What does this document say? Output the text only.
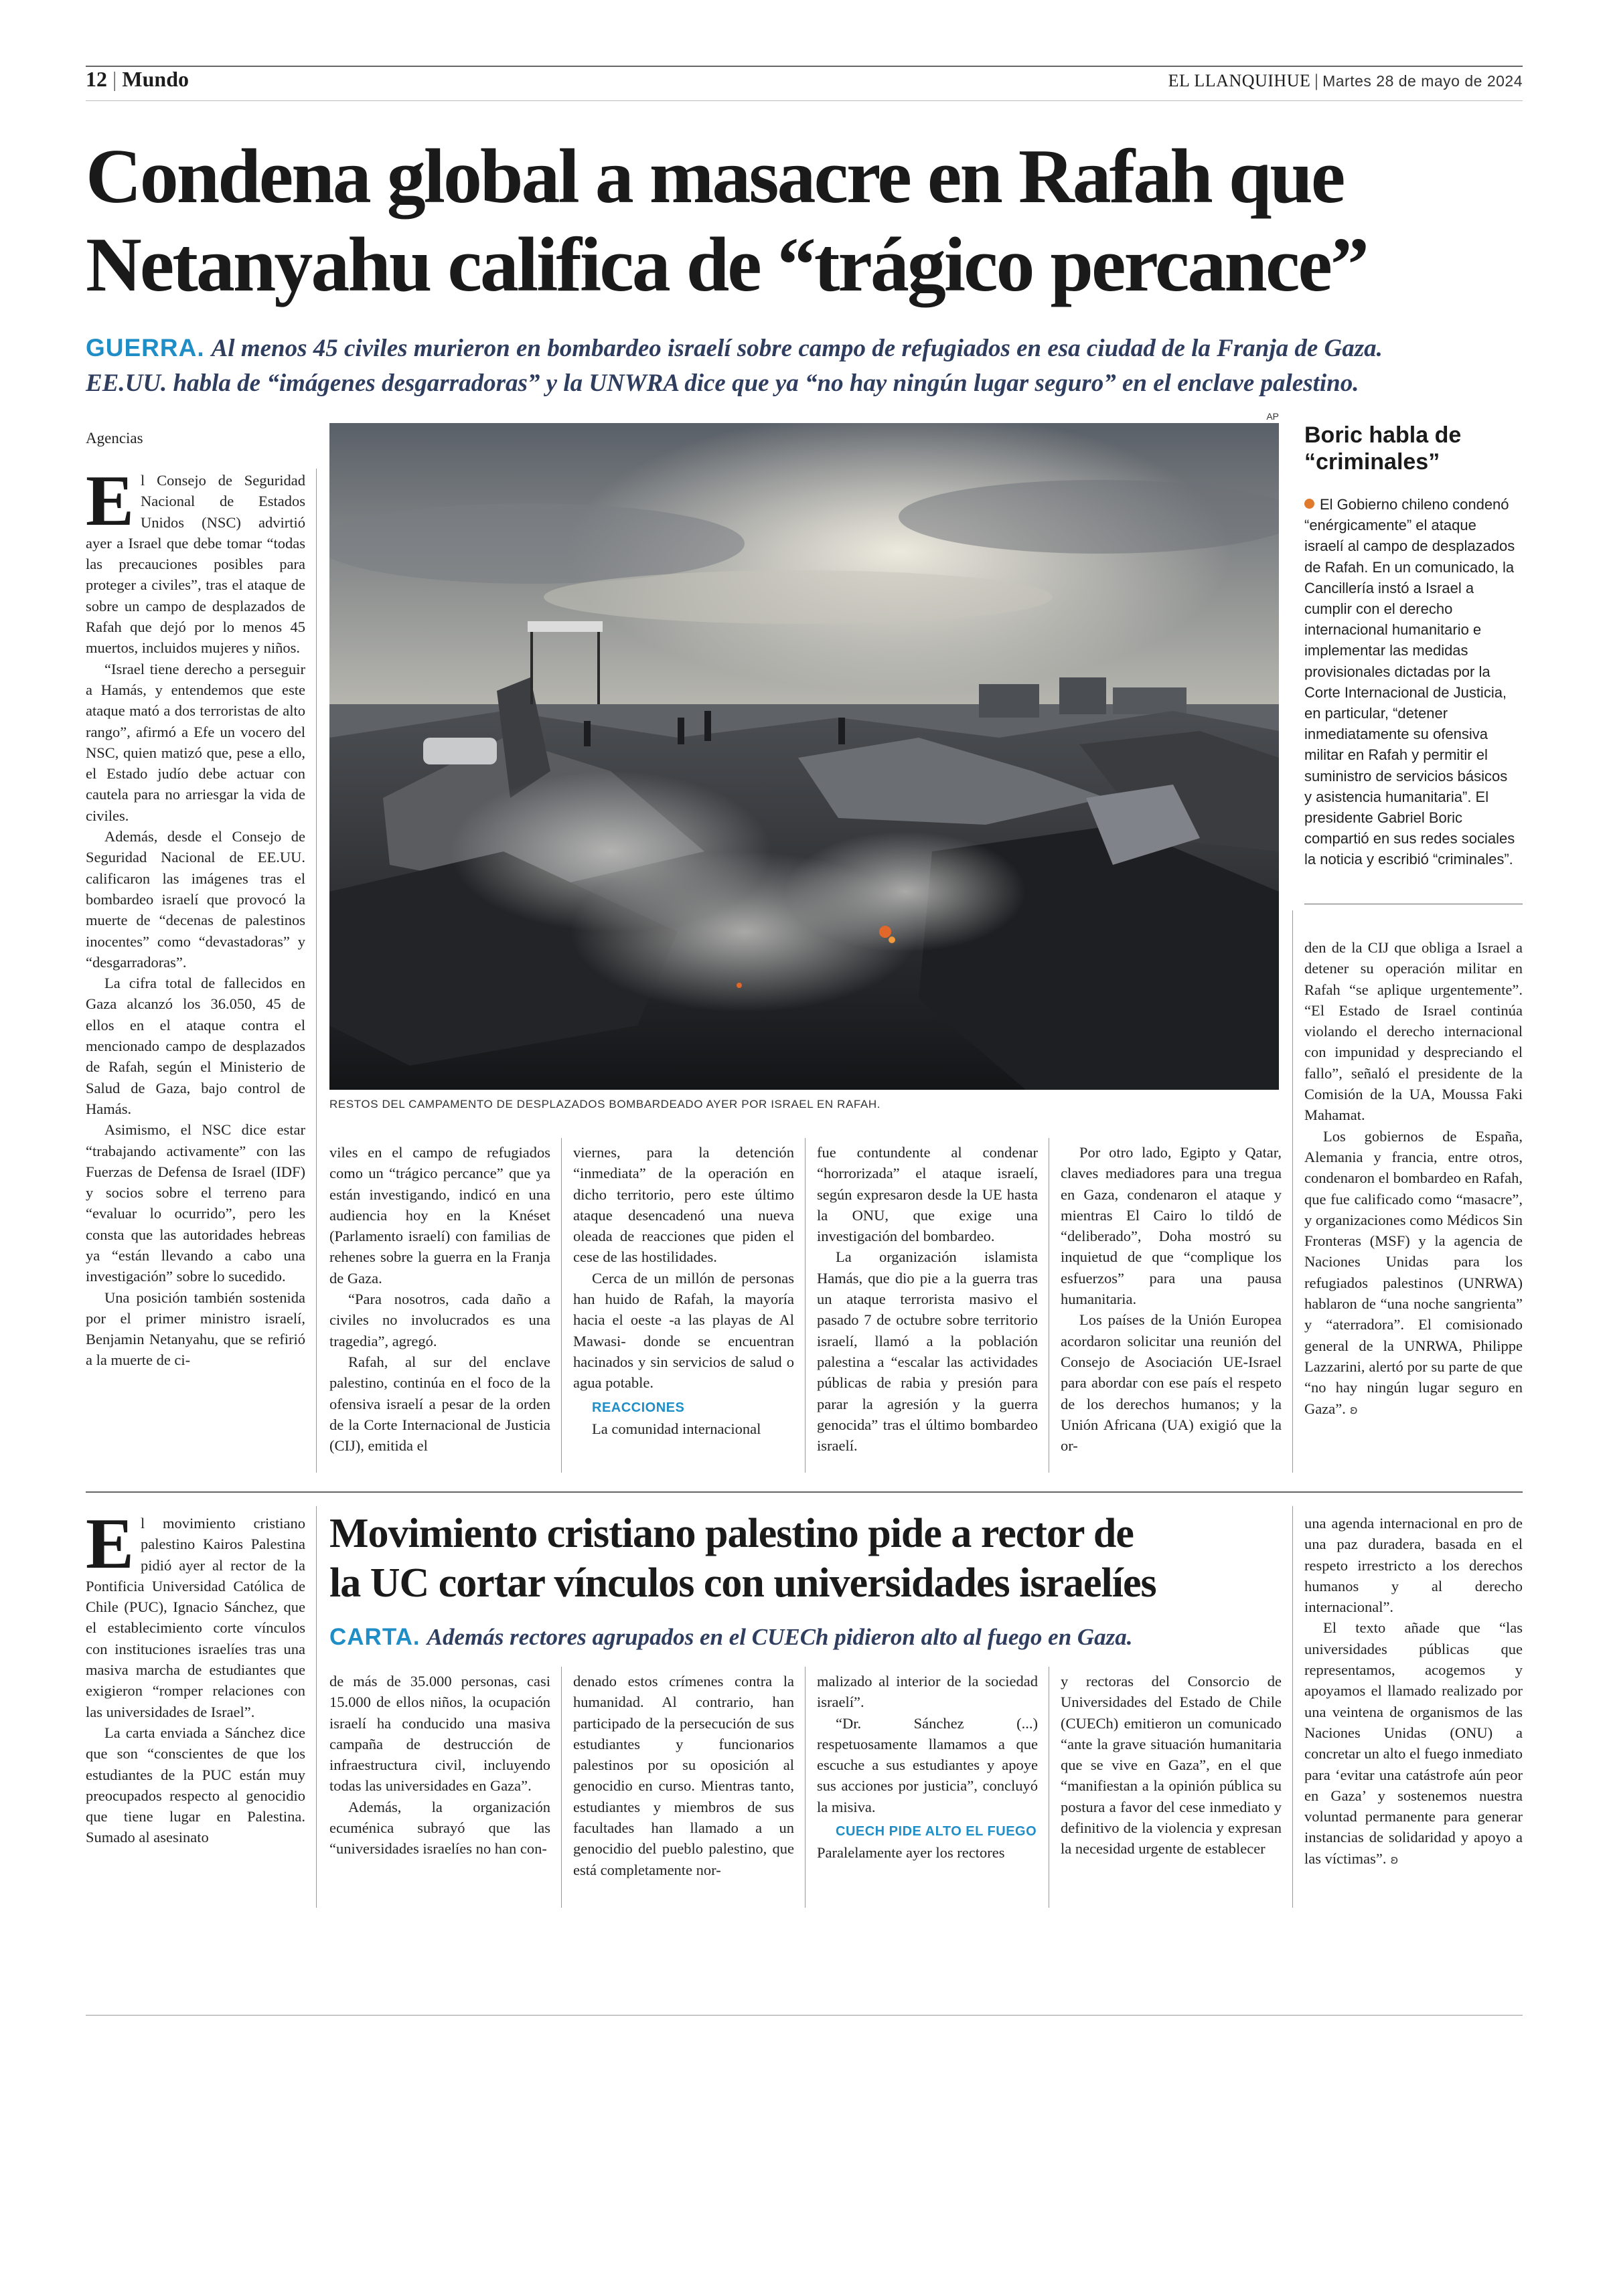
12 | Mundo	EL LLANQUIHUE | Martes 28 de mayo de 2024
Condena global a masacre en Rafah que
Netanyahu califica de “trágico percance”
GUERRA. Al menos 45 civiles murieron en bombardeo israelí sobre campo de refugiados en esa ciudad de la Franja de Gaza.
EE.UU. habla de “imágenes desgarradoras” y la UNWRA dice que ya “no hay ningún lugar seguro” en el enclave palestino.
Agencias

El Consejo de Seguridad Nacional de Estados Unidos (NSC) advirtió ayer a Israel que debe tomar “todas las precauciones posibles para proteger a civiles”, tras el ataque de sobre un campo de desplazados de Rafah que dejó por lo menos 45 muertos, incluidos mujeres y niños.

“Israel tiene derecho a perseguir a Hamás, y entendemos que este ataque mató a dos terroristas de alto rango”, afirmó a Efe un vocero del NSC, quien matizó que, pese a ello, el Estado judío debe actuar con cautela para no arriesgar la vida de civiles.

Además, desde el Consejo de Seguridad Nacional de EE.UU. calificaron las imágenes tras el bombardeo israelí que provocó la muerte de “decenas de palestinos inocentes” como “devastadoras” y “desgarradoras”.

La cifra total de fallecidos en Gaza alcanzó los 36.050, 45 de ellos en el ataque contra el mencionado campo de desplazados de Rafah, según el Ministerio de Salud de Gaza, bajo control de Hamás.

Asimismo, el NSC dice estar “trabajando activamente” con las Fuerzas de Defensa de Israel (IDF) y socios sobre el terreno para “evaluar lo ocurrido”, pero les consta que las autoridades hebreas ya “están llevando a cabo una investigación” sobre lo sucedido.

Una posición también sostenida por el primer ministro israelí, Benjamin Netanyahu, que se refirió a la muerte de ci-

AP
RESTOS DEL CAMPAMENTO DE DESPLAZADOS BOMBARDEADO AYER POR ISRAEL EN RAFAH.
Boric habla de
“criminales”
El Gobierno chileno condenó “enérgicamente” el ataque israelí al campo de desplazados de Rafah. En un comunicado, la Cancillería instó a Israel a cumplir con el derecho internacional humanitario e implementar las medidas provisionales dictadas por la Corte Internacional de Justicia, en particular, “detener inmediatamente su ofensiva militar en Rafah y permitir el suministro de servicios básicos y asistencia humanitaria”. El presidente Gabriel Boric compartió en sus redes sociales la noticia y escribió “criminales”.

viles en el campo de refugiados como un “trágico percance” que ya están investigando, indicó en una audiencia hoy en la Knéset (Parlamento israelí) con familias de rehenes sobre la guerra en la Franja de Gaza.

“Para nosotros, cada daño a civiles no involucrados es una tragedia”, agregó.

Rafah, al sur del enclave palestino, continúa en el foco de la ofensiva israelí a pesar de la orden de la Corte Internacional de Justicia (CIJ), emitida el

viernes, para la detención “inmediata” de la operación en dicho territorio, pero este último ataque desencadenó una nueva oleada de reacciones que piden el cese de las hostilidades.

Cerca de un millón de personas han huido de Rafah, la mayoría hacia el oeste -a las playas de Al Mawasi- donde se encuentran hacinados y sin servicios de salud o agua potable.

REACCIONES

La comunidad internacional

fue contundente al condenar “horrorizada” el ataque israelí, según expresaron desde la UE hasta la ONU, que exige una investigación del bombardeo.

La organización islamista Hamás, que dio pie a la guerra tras un ataque terrorista masivo el pasado 7 de octubre sobre territorio israelí, llamó a la población palestina a “escalar las actividades públicas de rabia y presión para parar la agresión y la guerra genocida” tras el último bombardeo israelí.

Por otro lado, Egipto y Qatar, claves mediadores para una tregua en Gaza, condenaron el ataque y mientras El Cairo lo tildó de “deliberado”, Doha mostró su inquietud de que “complique los esfuerzos” para una pausa humanitaria.

Los países de la Unión Europea acordaron solicitar una reunión del Consejo de Asociación UE-Israel para abordar con ese país el respeto de los derechos humanos; y la Unión Africana (UA) exigió que la or-

den de la CIJ que obliga a Israel a detener su operación militar en Rafah “se aplique urgentemente”. “El Estado de Israel continúa violando el derecho internacional con impunidad y despreciando el fallo”, señaló el presidente de la Comisión de la UA, Moussa Faki Mahamat.

Los gobiernos de España, Alemania y francia, entre otros, condenaron el bombardeo en Rafah, que fue calificado como “masacre”, y organizaciones como Médicos Sin Fronteras (MSF) y la agencia de Naciones Unidas para los refugiados palestinos (UNRWA) hablaron de “una noche sangrienta” y “aterradora”. El comisionado general de la UNRWA, Philippe Lazzarini, alertó por su parte de que “no hay ningún lugar seguro en Gaza”. ʚ

El movimiento cristiano palestino Kairos Palestina pidió ayer al rector de la Pontificia Universidad Católica de Chile (PUC), Ignacio Sánchez, que el establecimiento corte vínculos con instituciones israelíes tras una masiva marcha de estudiantes que exigieron “romper relaciones con las universidades de Israel”.

La carta enviada a Sánchez dice que son “conscientes de que los estudiantes de la PUC están muy preocupados respecto al genocidio que tiene lugar en Palestina. Sumado al asesinato

Movimiento cristiano palestino pide a rector de
la UC cortar vínculos con universidades israelíes
CARTA. Además rectores agrupados en el CUECh pidieron alto al fuego en Gaza.

de más de 35.000 personas, casi 15.000 de ellos niños, la ocupación israelí ha conducido una masiva campaña de destrucción de infraestructura civil, incluyendo todas las universidades en Gaza”.

Además, la organización ecuménica subrayó que las “universidades israelíes no han con-

denado estos crímenes contra la humanidad. Al contrario, han participado de la persecución de sus estudiantes y funcionarios palestinos por su oposición al genocidio en curso. Mientras tanto, estudiantes y miembros de sus facultades han llamado a un genocidio del pueblo palestino, que está completamente nor-

malizado al interior de la sociedad israelí”.

“Dr. Sánchez (...) respetuosamente llamamos a que escuche a sus estudiantes y apoye sus acciones por justicia”, concluyó la misiva.

CUECH PIDE ALTO EL FUEGO

Paralelamente ayer los rectores

y rectoras del Consorcio de Universidades del Estado de Chile (CUECh) emitieron un comunicado “ante la grave situación humanitaria que se vive en Gaza”, en el que “manifiestan a la opinión pública su postura a favor del cese inmediato y definitivo de la violencia y expresan la necesidad urgente de establecer

una agenda internacional en pro de una paz duradera, basada en el respeto irrestricto a los derechos humanos y al derecho internacional”.

El texto añade que “las universidades públicas que representamos, acogemos y apoyamos el llamado realizado por una veintena de organismos de las Naciones Unidas (ONU) a concretar un alto el fuego inmediato para ‘evitar una catástrofe aún peor en Gaza’ y sostenemos nuestra voluntad permanente para generar instancias de solidaridad y apoyo a las víctimas”. ʚ
